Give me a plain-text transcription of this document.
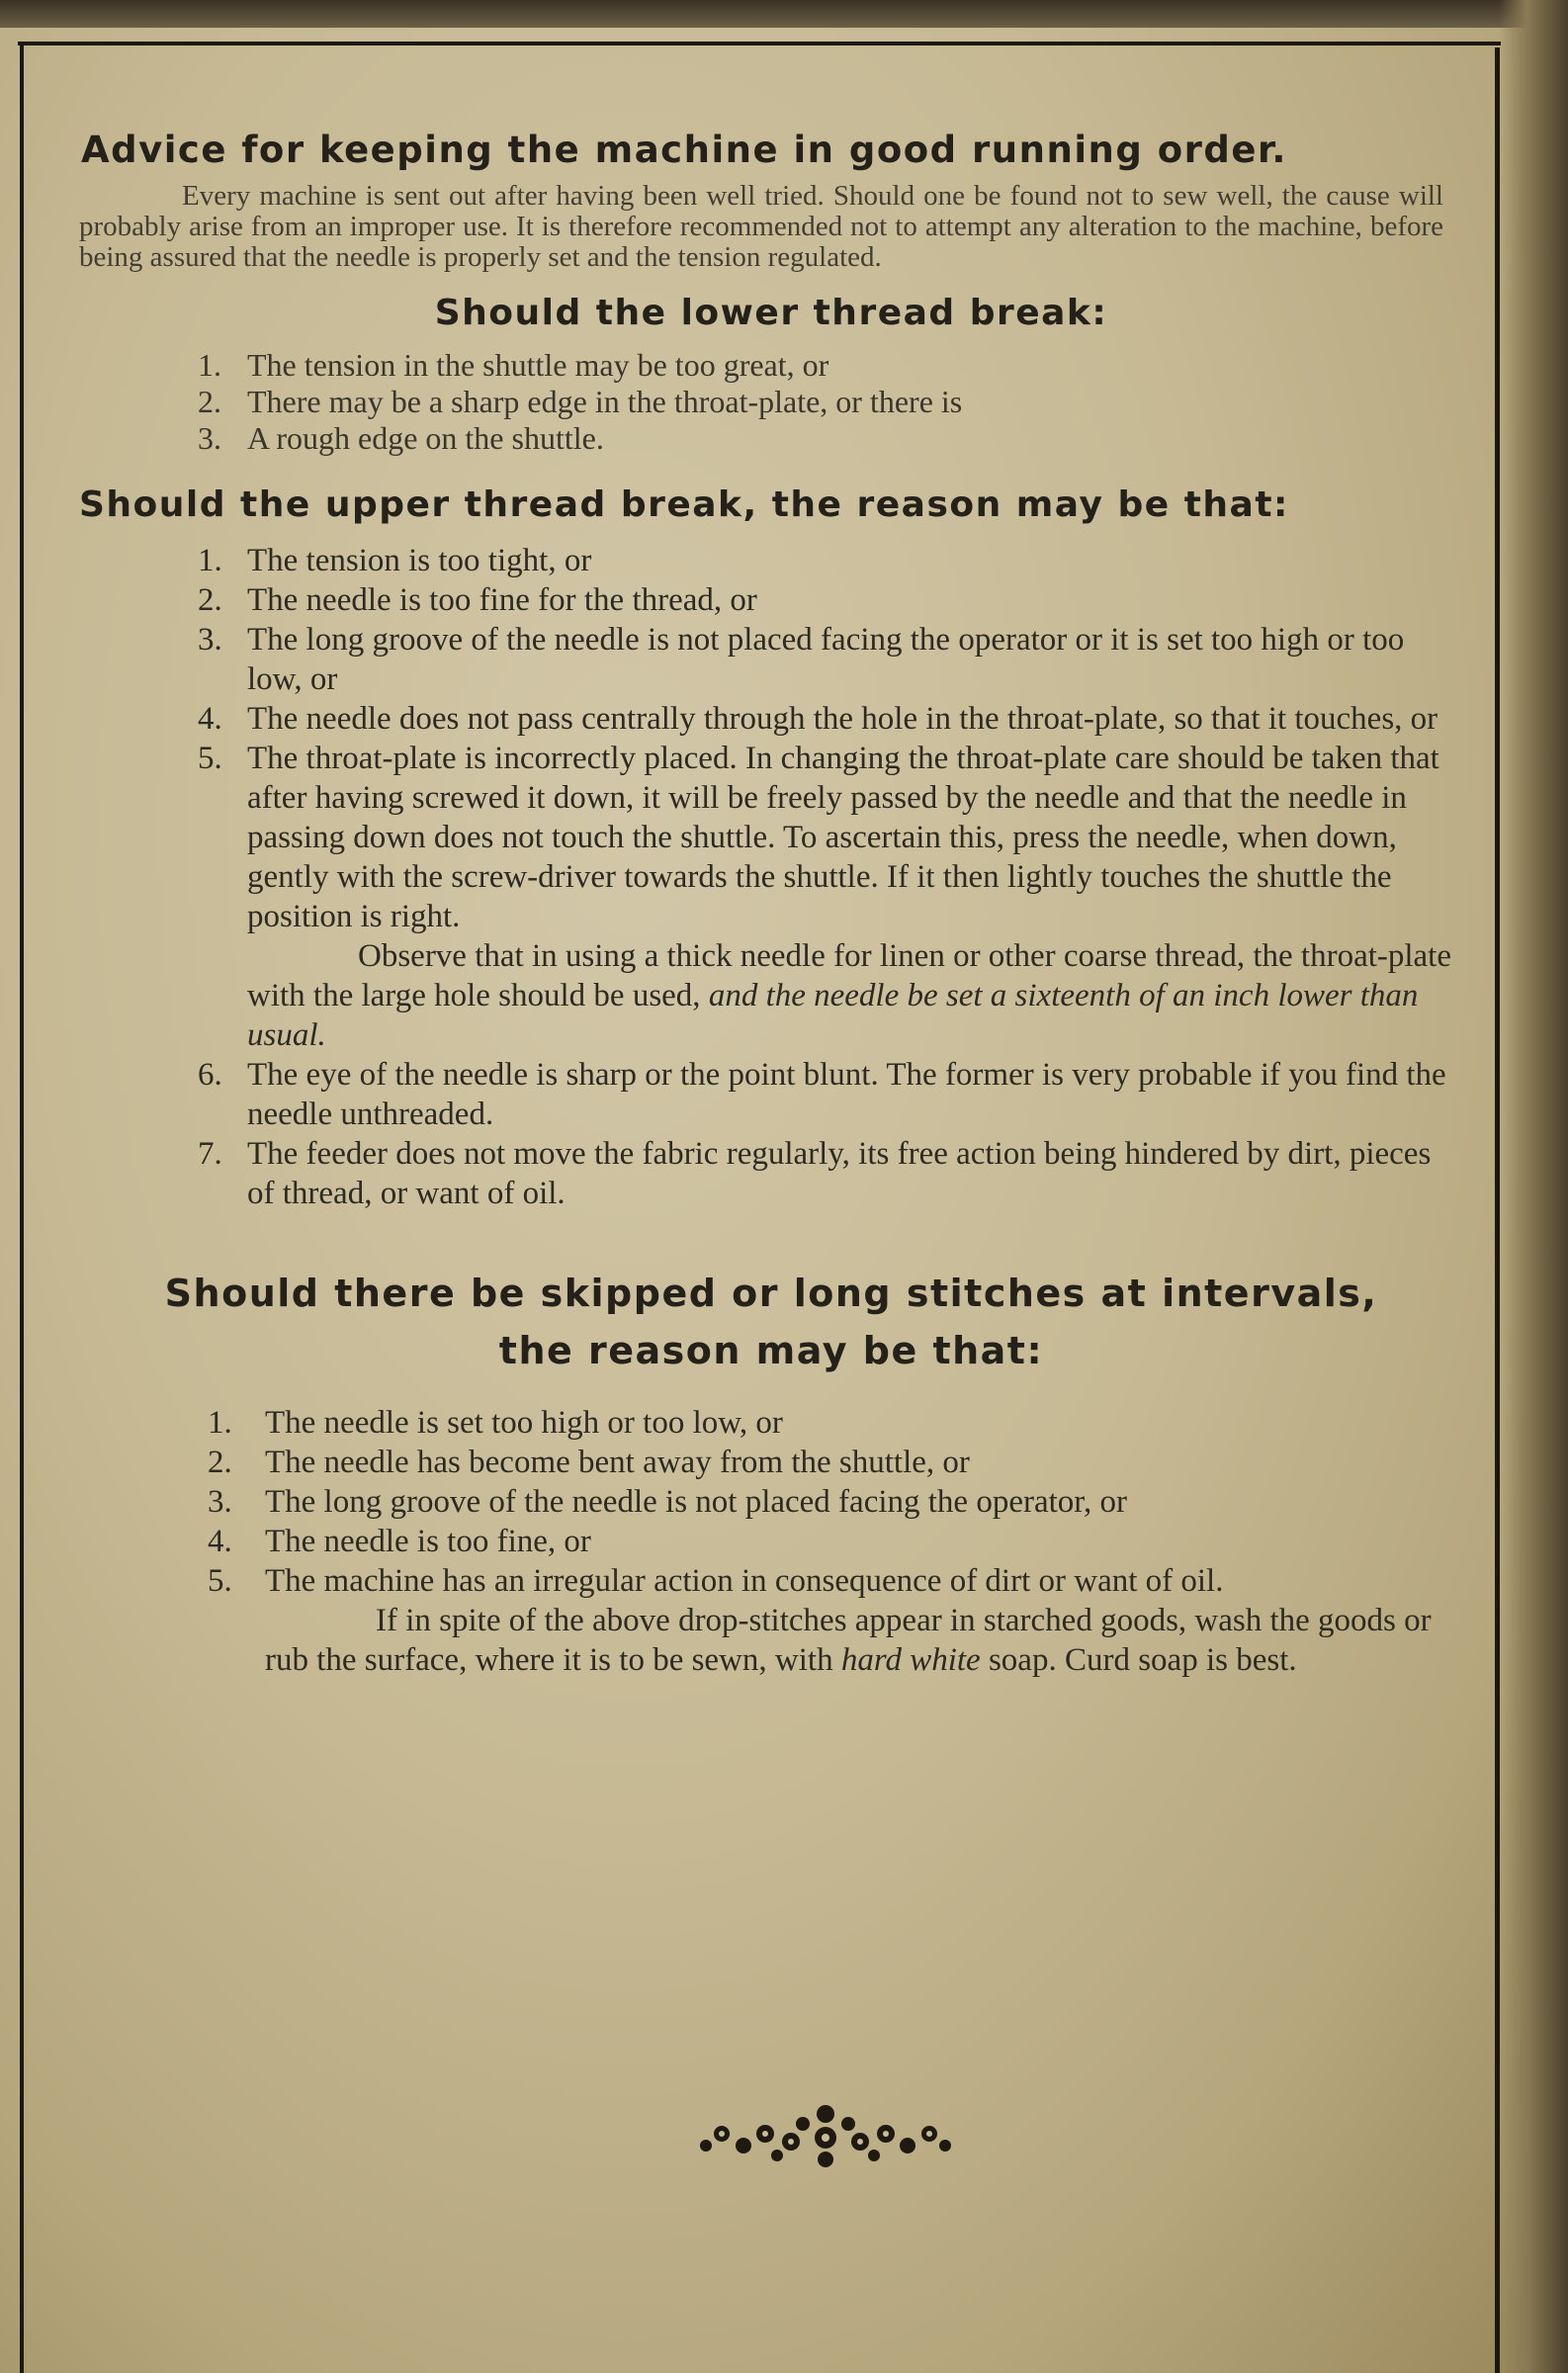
Advice for keeping the machine in good running order.

Every machine is sent out after having been well tried. Should one be found not to sew well, the cause will probably arise from an improper use. It is therefore recommended not to attempt any alteration to the machine, before being assured that the needle is properly set and the tension regulated.

Should the lower thread break:
1. The tension in the shuttle may be too great, or
2. There may be a sharp edge in the throat-plate, or there is
3. A rough edge on the shuttle.
Should the upper thread break, the reason may be that:
1. The tension is too tight, or
2. The needle is too fine for the thread, or
3. The long groove of the needle is not placed facing the operator or it is set too high or too low, or
4. The needle does not pass centrally through the hole in the throat-plate, so that it touches, or
5. The throat-plate is incorrectly placed. In changing the throat-plate care should be taken that after having screwed it down, it will be freely passed by the needle and that the needle in passing down does not touch the shuttle. To ascertain this, press the needle, when down, gently with the screw-driver towards the shuttle. If it then lightly touches the shuttle the position is right.
Observe that in using a thick needle for linen or other coarse thread, the throat-plate with the large hole should be used, and the needle be set a sixteenth of an inch lower than usual.
6. The eye of the needle is sharp or the point blunt. The former is very probable if you find the needle unthreaded.
7. The feeder does not move the fabric regularly, its free action being hindered by dirt, pieces of thread, or want of oil.
Should there be skipped or long stitches at intervals,
the reason may be that:
1.	The needle is set too high or too low, or
2.	The needle has become bent away from the shuttle, or
3.	The long groove of the needle is not placed facing the operator, or
4.	The needle is too fine, or
5.	The machine has an irregular action in consequence of dirt or want of oil.
If in spite of the above drop-stitches appear in starched goods, wash the goods or rub the surface, where it is to be sewn, with hard white soap. Curd soap is best.
